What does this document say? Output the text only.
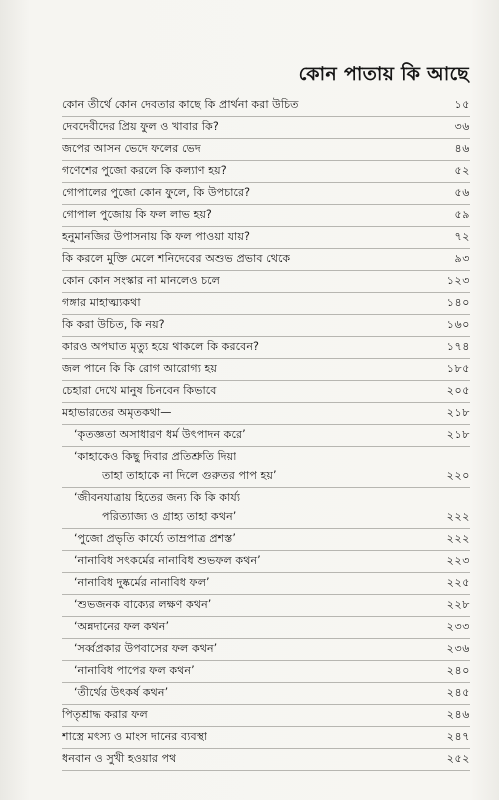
কোন পাতায় কি আছে
কোন তীর্থে কোন দেবতার কাছে কি প্রার্থনা করা উচিত	১৫
দেবদেবীদের প্রিয় ফুল ও খাবার কি?	৩৬
জপের আসন ভেদে ফলের ভেদ	৪৬
গণেশের পুজো করলে কি কল্যাণ হয়?	৫২
গোপালের পুজো কোন ফুলে, কি উপচারে?	৫৬
গোপাল পুজোয় কি ফল লাভ হয়?	৫৯
হনুমানজির উপাসনায় কি ফল পাওয়া যায়?	৭২
কি করলে মুক্তি মেলে শনিদেবের অশুভ প্রভাব থেকে	৯৩
কোন কোন সংস্কার না মানলেও চলে	১২৩
গঙ্গার মাহাত্ম্যকথা	১৪০
কি করা উচিত, কি নয়?	১৬০
কারও অপঘাত মৃত্যু হয়ে থাকলে কি করবেন?	১৭৪
জল পানে কি কি রোগ আরোগ্য হয়	১৮৫
চেহারা দেখে মানুষ চিনবেন কিভাবে	২০৫
মহাভারতের অমৃতকথা—	২১৮
‘কৃতজ্ঞতা অসাধারণ ধর্ম উৎপাদন করে’	২১৮
‘কাহাকেও কিছু দিবার প্রতিশ্রুতি দিয়া
তাহা তাহাকে না দিলে গুরুতর পাপ হয়’	২২০
‘জীবনযাত্রায় হিতের জন্য কি কি কার্য্য
পরিত্যাজ্য ও গ্রাহ্য তাহা কথন’	২২২
‘পুজো প্রভৃতি কার্য্যে তাম্রপাত্র প্রশস্ত’	২২২
‘নানাবিধ সৎকর্মের নানাবিধ শুভফল কথন’	২২৩
‘নানাবিধ দুষ্কর্মের নানাবিধ ফল’	২২৫
‘শুভজনক বাক্যের লক্ষণ কথন’	২২৮
‘অন্নদানের ফল কথন’	২৩৩
‘সর্ব্বপ্রকার উপবাসের ফল কথন’	২৩৬
‘নানাবিধ পাপের ফল কথন’	২৪০
‘তীর্থের উৎকর্ষ কথন’	২৪৫
পিতৃশ্রাদ্ধ করার ফল	২৪৬
শাস্ত্রে মৎস্য ও মাংস দানের ব্যবস্থা	২৪৭
ধনবান ও সুখী হওয়ার পথ	২৫২
